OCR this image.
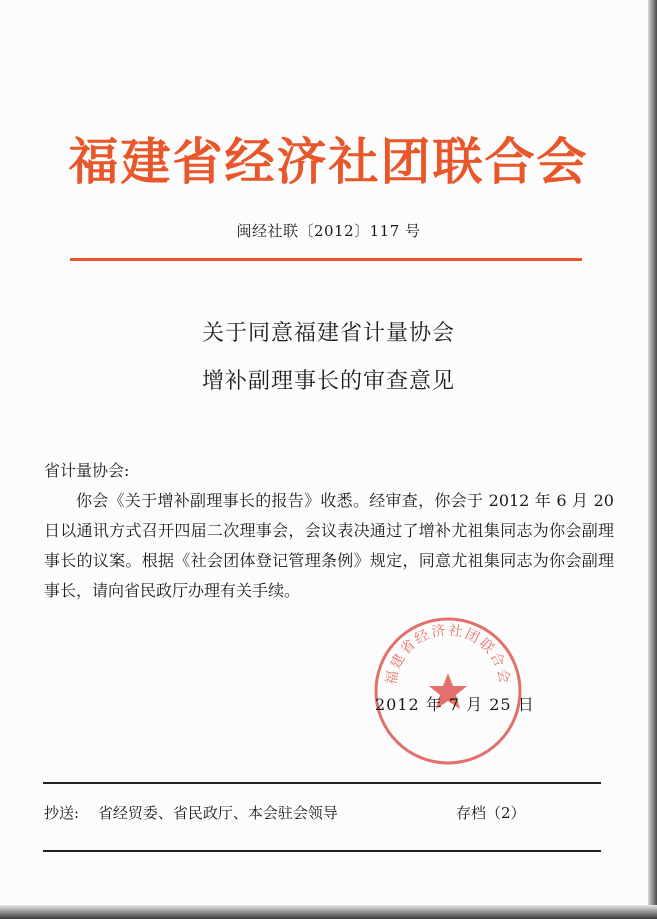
福建省经济社团联合会
闽经社联〔2012〕117 号
关于同意福建省计量协会
增补副理事长的审查意见
省计量协会:

你会《关于增补副理事长的报告》收悉。经审查，你会于 2012 年 6 月 20 日以通讯方式召开四届二次理事会，会议表决通过了增补尤祖集同志为你会副理事长的议案。根据《社会团体登记管理条例》规定，同意尤祖集同志为你会副理事长，请向省民政厅办理有关手续。

福建省经济社团联合会
2012 年 7 月 25 日
抄送: 省经贸委、省民政厅、本会驻会领导	存档（2）
